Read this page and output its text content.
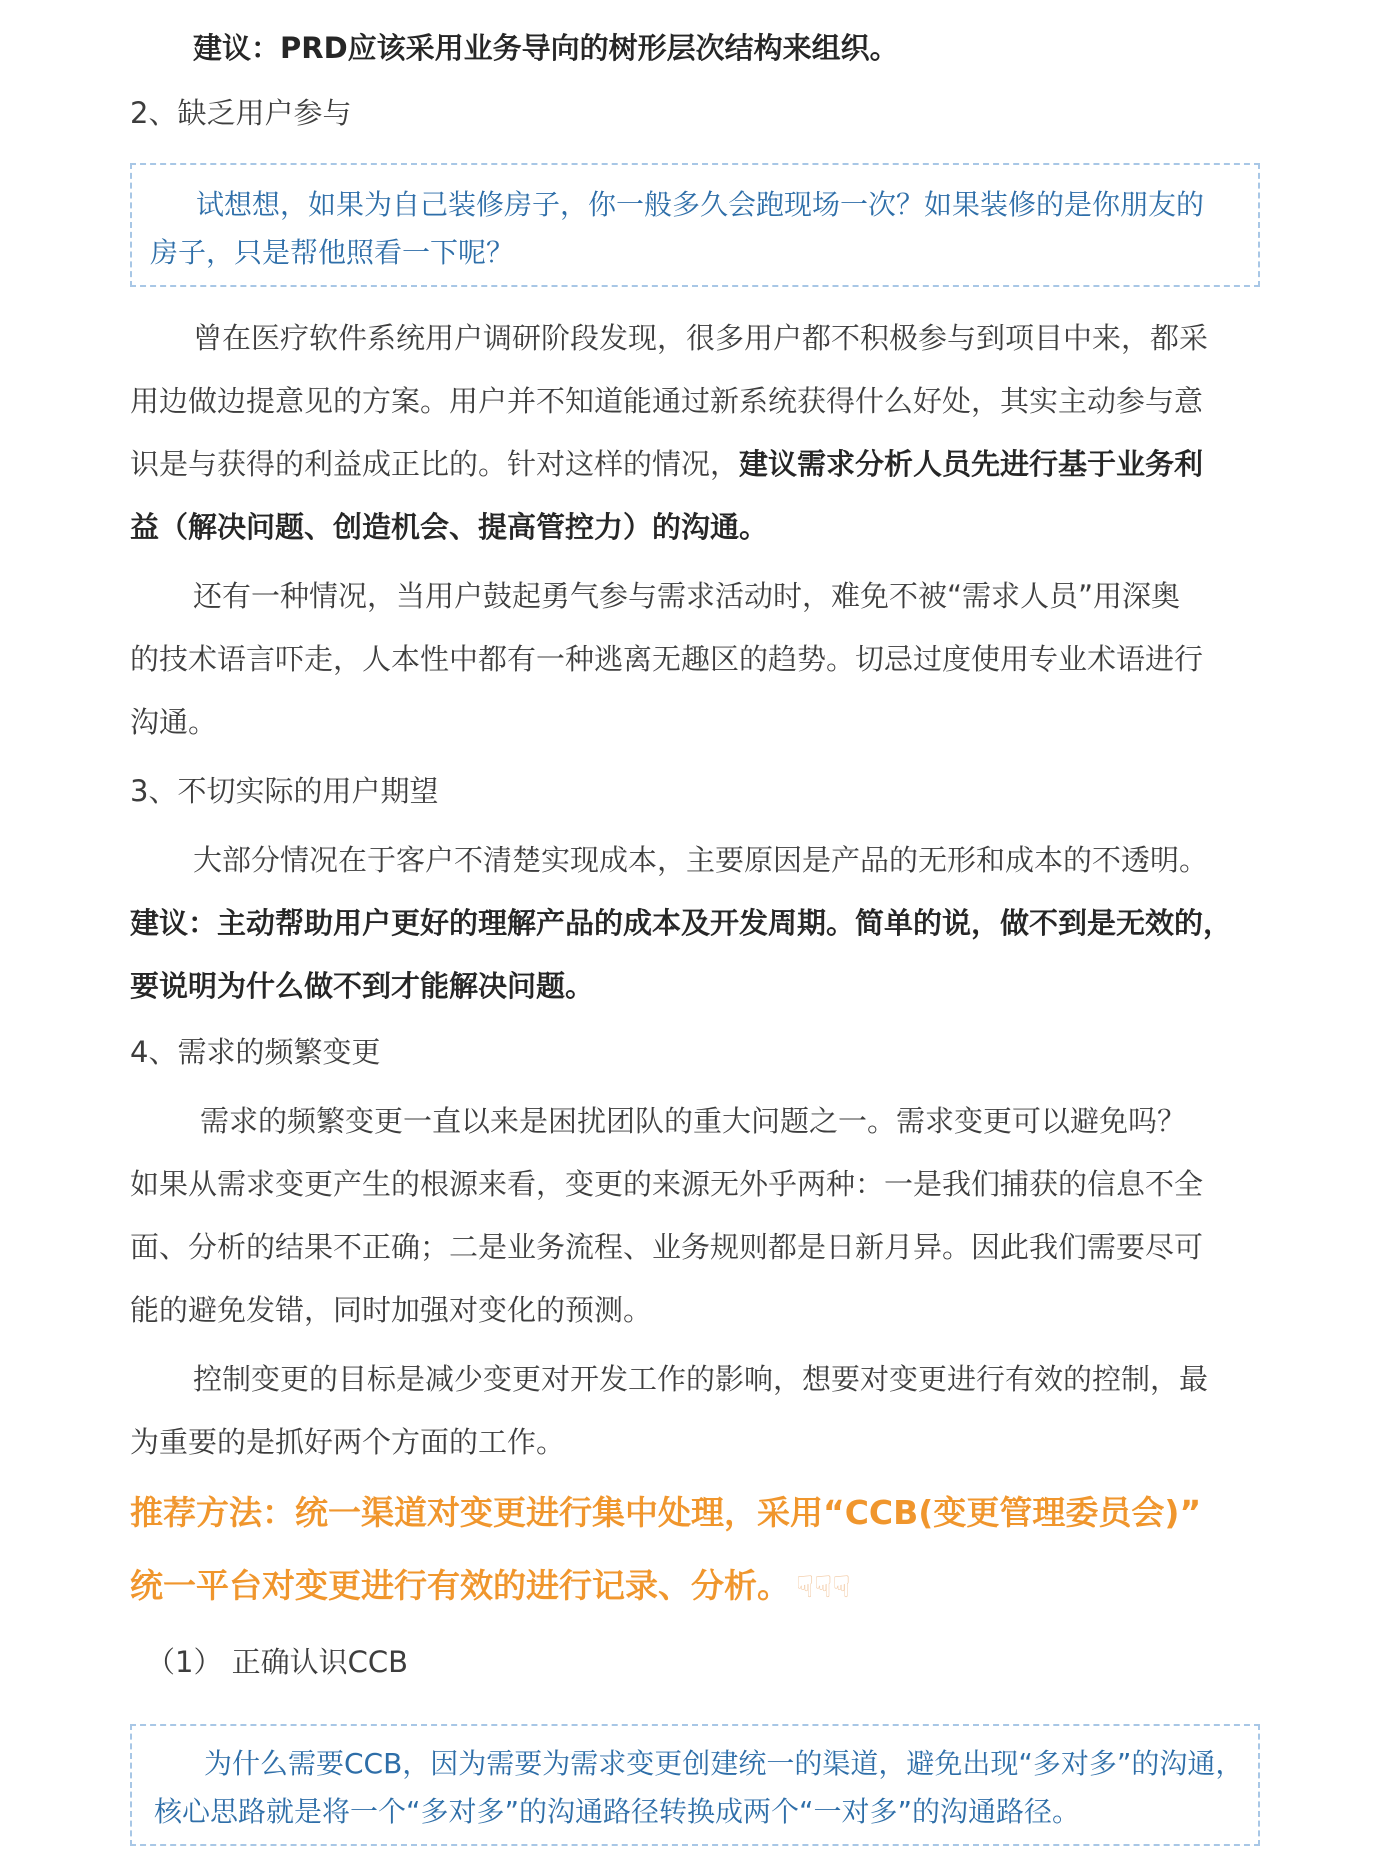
建议：PRD应该采用业务导向的树形层次结构来组织。
2、缺乏用户参与
试想想，如果为自己装修房子，你一般多久会跑现场一次？如果装修的是你朋友的
房子，只是帮他照看一下呢？
曾在医疗软件系统用户调研阶段发现，很多用户都不积极参与到项目中来，都采
用边做边提意见的方案。用户并不知道能通过新系统获得什么好处，其实主动参与意
识是与获得的利益成正比的。针对这样的情况，建议需求分析人员先进行基于业务利
益（解决问题、创造机会、提高管控力）的沟通。
还有一种情况，当用户鼓起勇气参与需求活动时，难免不被“需求人员”用深奥
的技术语言吓走，人本性中都有一种逃离无趣区的趋势。切忌过度使用专业术语进行
沟通。
3、不切实际的用户期望
大部分情况在于客户不清楚实现成本，主要原因是产品的无形和成本的不透明。
建议：主动帮助用户更好的理解产品的成本及开发周期。简单的说，做不到是无效的，
要说明为什么做不到才能解决问题。
4、需求的频繁变更
需求的频繁变更一直以来是困扰团队的重大问题之一。需求变更可以避免吗？
如果从需求变更产生的根源来看，变更的来源无外乎两种：一是我们捕获的信息不全
面、分析的结果不正确；二是业务流程、业务规则都是日新月异。因此我们需要尽可
能的避免发错，同时加强对变化的预测。
控制变更的目标是减少变更对开发工作的影响，想要对变更进行有效的控制，最
为重要的是抓好两个方面的工作。
推荐方法：统一渠道对变更进行集中处理，采用“CCB(变更管理委员会)”
统一平台对变更进行有效的进行记录、分析。 ☟☟☟
（1） 正确认识CCB
为什么需要CCB，因为需要为需求变更创建统一的渠道，避免出现“多对多”的沟通，
核心思路就是将一个“多对多”的沟通路径转换成两个“一对多”的沟通路径。
